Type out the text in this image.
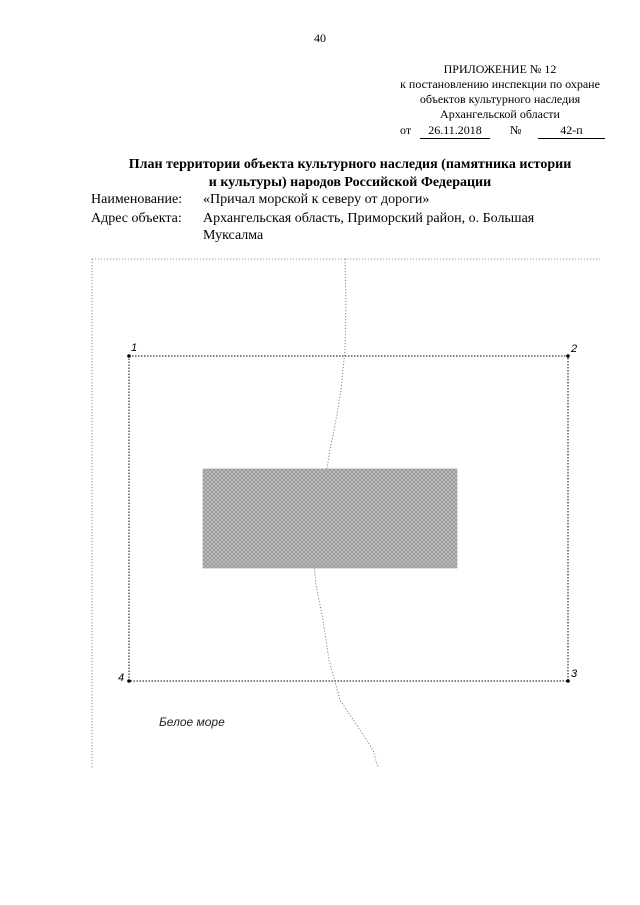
40
ПРИЛОЖЕНИЕ № 12
к постановлению инспекции по охране
объектов культурного наследия
Архангельской области
от	26.11.2018	№	42-п
План территории объекта культурного наследия (памятника истории
и культуры) народов Российской Федерации
Наименование: «Причал морской к северу от дороги»
Адрес объекта: Архангельская область, Приморский район, о. Большая
Муксалма
1	2
3
4
Белое море
